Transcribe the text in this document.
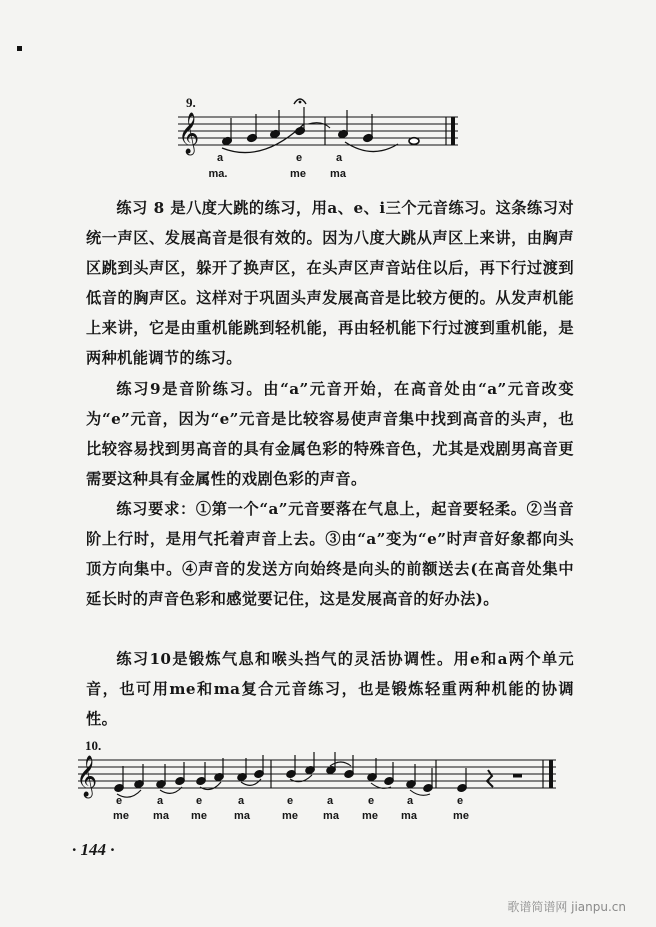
9.
𝄞
a
ma.
e
me
a
ma

练习 8 是八度大跳的练习，用a、e、i三个元音练习。这条练习对统一声区、发展高音是很有效的。因为八度大跳从声区上来讲，由胸声区跳到头声区，躲开了换声区，在头声区声音站住以后，再下行过渡到低音的胸声区。这样对于巩固头声发展高音是比较方便的。从发声机能上来讲，它是由重机能跳到轻机能，再由轻机能下行过渡到重机能，是两种机能调节的练习。

练习9是音阶练习。由“a”元音开始，在高音处由“a”元音改变为“e”元音，因为“e”元音是比较容易使声音集中找到高音的头声，也比较容易找到男高音的具有金属色彩的特殊音色，尤其是戏剧男高音更需要这种具有金属性的戏剧色彩的声音。

练习要求：①第一个“a”元音要落在气息上，起音要轻柔。②当音阶上行时，是用气托着声音上去。③由“a”变为“e”时声音好象都向头顶方向集中。④声音的发送方向始终是向头的前额送去(在高音处集中延长时的声音色彩和感觉要记住，这是发展高音的好办法)。

练习10是锻炼气息和喉头挡气的灵活协调性。用e和a两个单元音，也可用me和ma复合元音练习，也是锻炼轻重两种机能的协调性。

10.
𝄞
e
me
a
ma
e
me
a
ma
e
me
a
ma
e
me
a
ma
e
me
· 144 ·
歌谱简谱网 jianpu.cn
